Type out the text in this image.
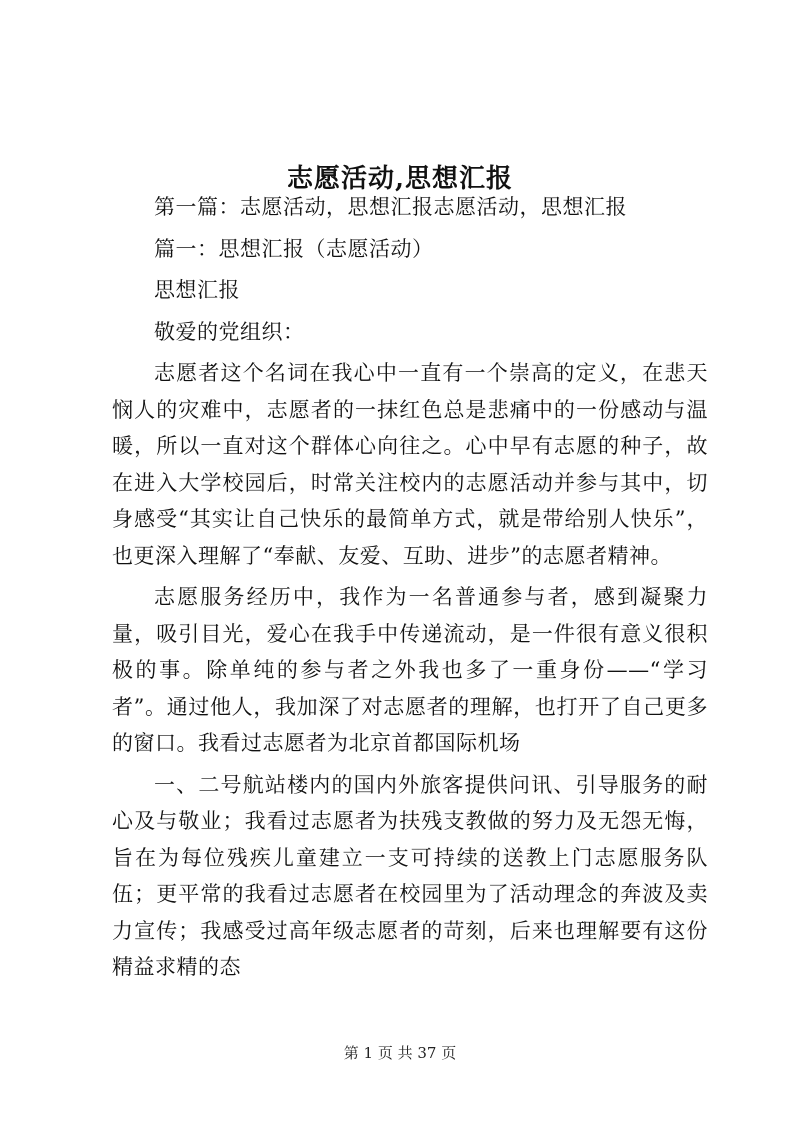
志愿活动,思想汇报

第一篇：志愿活动，思想汇报志愿活动，思想汇报

篇一：思想汇报（志愿活动）

思想汇报

敬爱的党组织：

志愿者这个名词在我心中一直有一个崇高的定义，在悲天悯人的灾难中，志愿者的一抹红色总是悲痛中的一份感动与温暖，所以一直对这个群体心向往之。心中早有志愿的种子，故在进入大学校园后，时常关注校内的志愿活动并参与其中，切身感受“其实让自己快乐的最简单方式，就是带给别人快乐”，也更深入理解了“奉献、友爱、互助、进步”的志愿者精神。

志愿服务经历中，我作为一名普通参与者，感到凝聚力量，吸引目光，爱心在我手中传递流动，是一件很有意义很积极的事。除单纯的参与者之外我也多了一重身份——“学习者”。通过他人，我加深了对志愿者的理解，也打开了自己更多的窗口。我看过志愿者为北京首都国际机场

一、二号航站楼内的国内外旅客提供问讯、引导服务的耐心及与敬业；我看过志愿者为扶残支教做的努力及无怨无悔，旨在为每位残疾儿童建立一支可持续的送教上门志愿服务队伍；更平常的我看过志愿者在校园里为了活动理念的奔波及卖力宣传；我感受过高年级志愿者的苛刻，后来也理解要有这份精益求精的态

第 1 页 共 37 页
